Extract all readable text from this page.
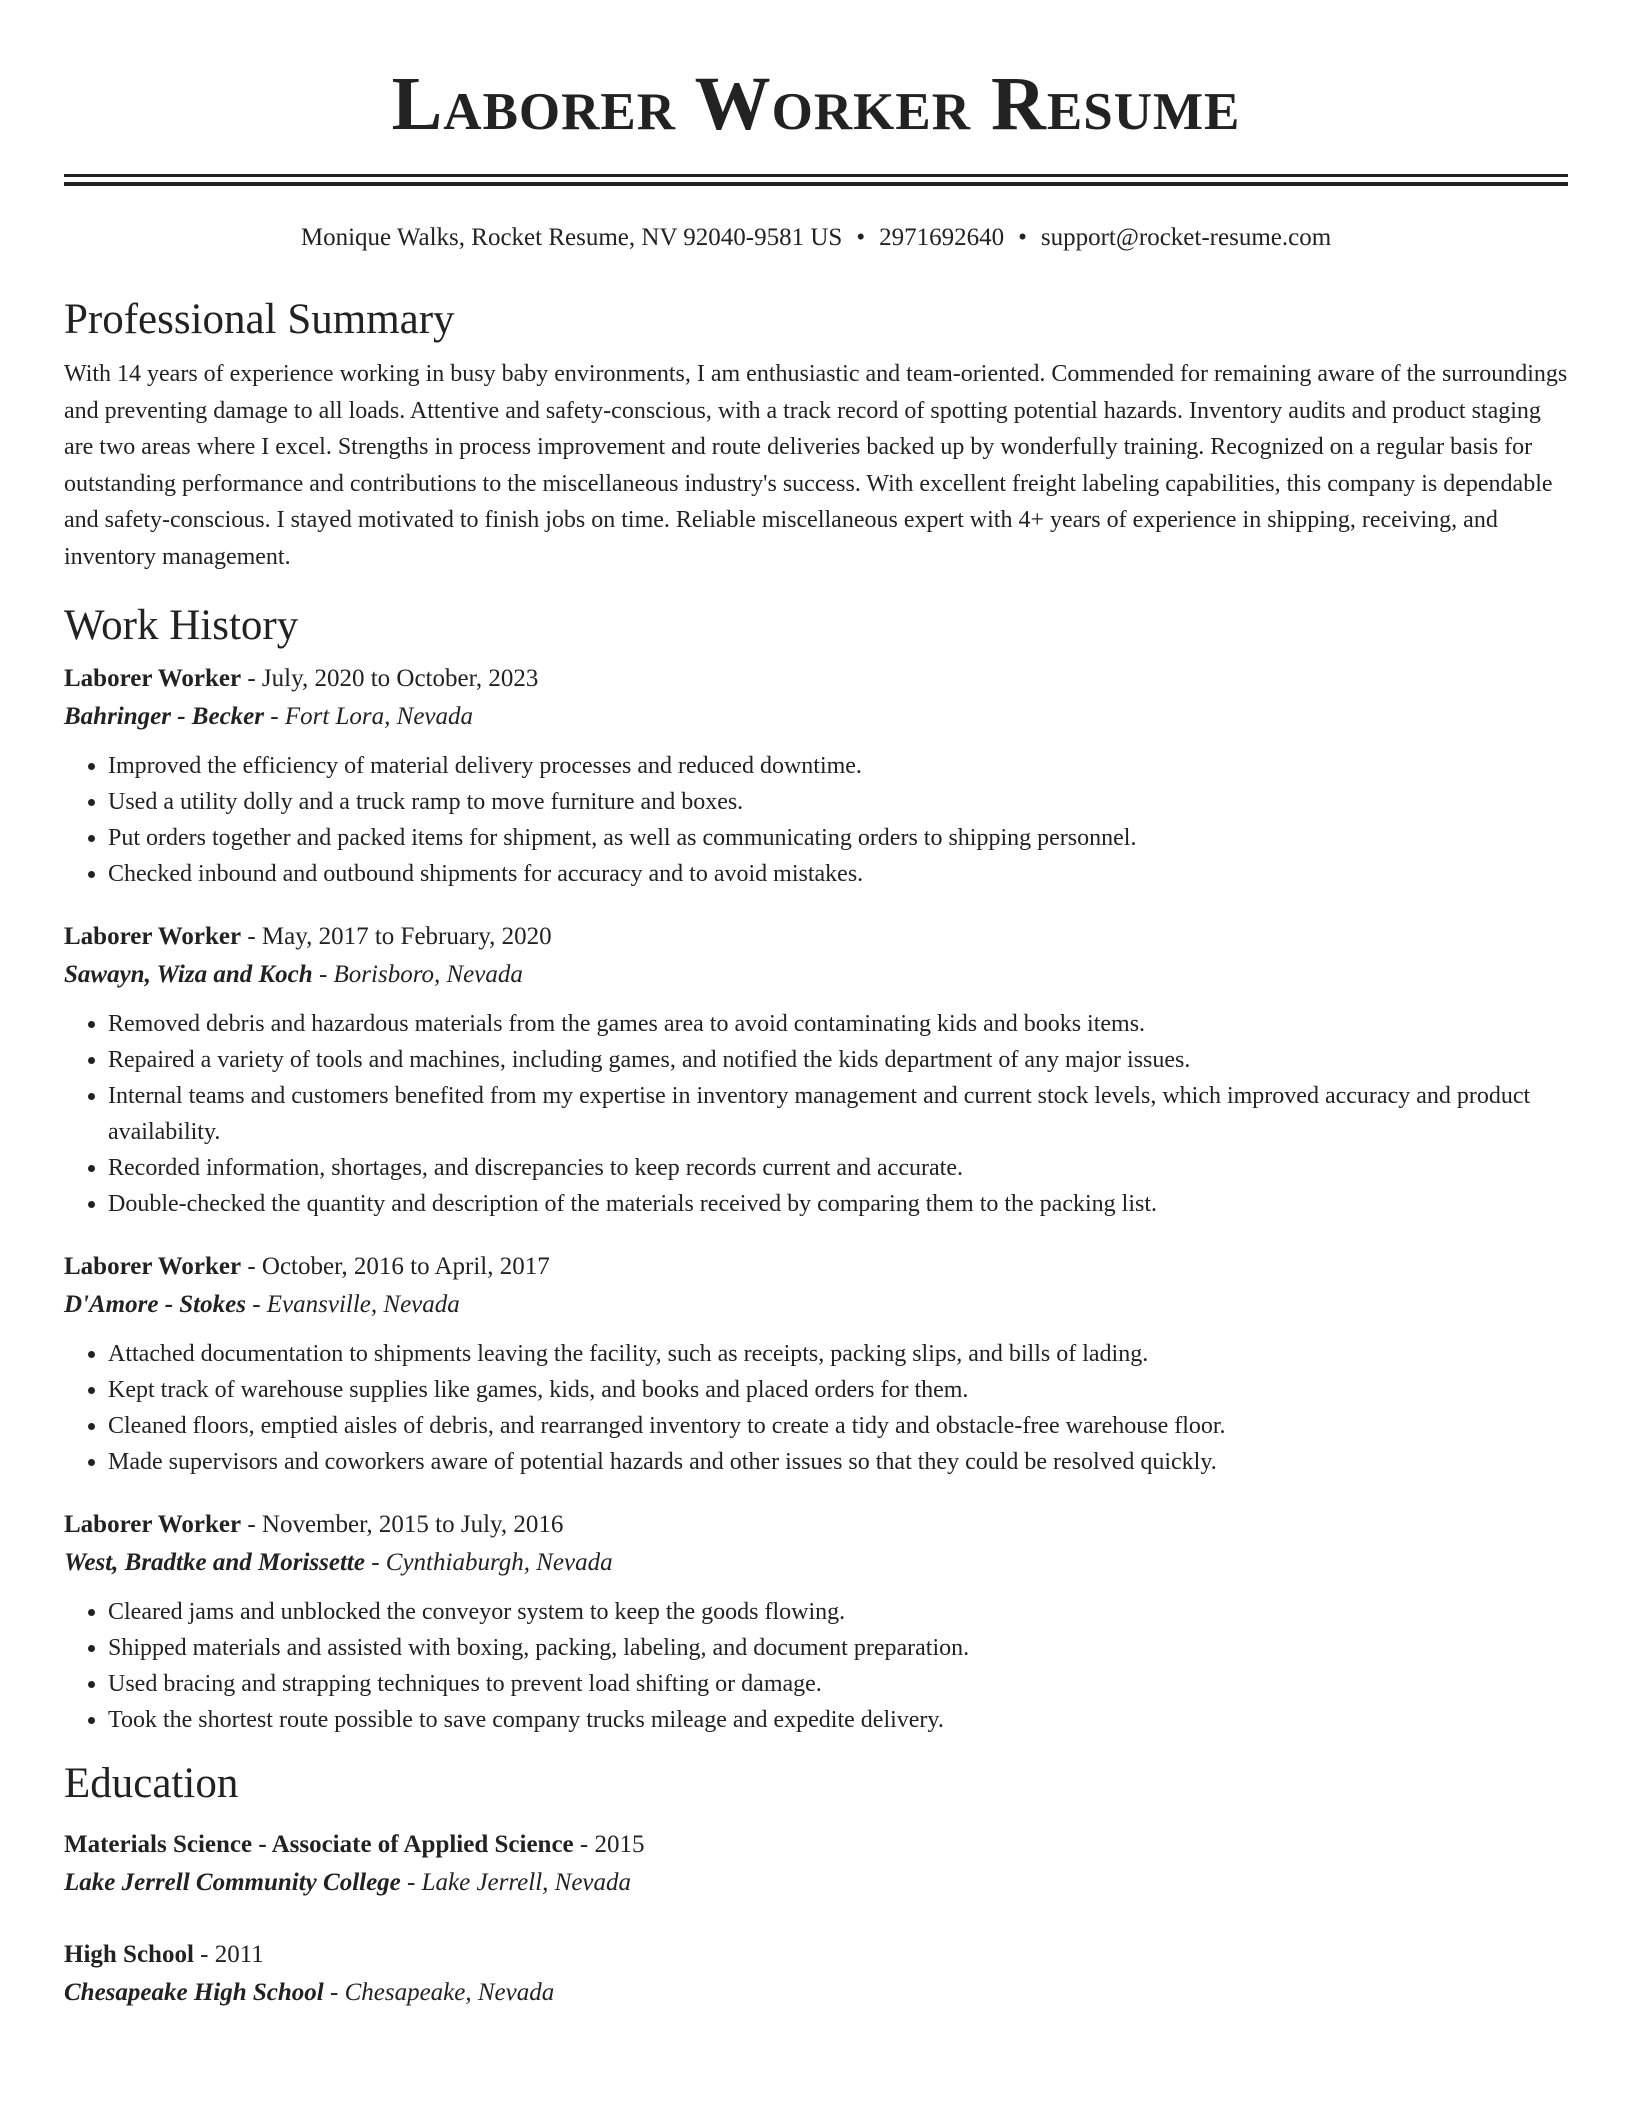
Laborer Worker Resume
Monique Walks, Rocket Resume, NV 92040-9581 US • 2971692640 • support@rocket-resume.com
Professional Summary

With 14 years of experience working in busy baby environments, I am enthusiastic and team-oriented. Commended for remaining aware of the surroundings and preventing damage to all loads. Attentive and safety-conscious, with a track record of spotting potential hazards. Inventory audits and product staging are two areas where I excel. Strengths in process improvement and route deliveries backed up by wonderfully training. Recognized on a regular basis for outstanding performance and contributions to the miscellaneous industry's success. With excellent freight labeling capabilities, this company is dependable and safety-conscious. I stayed motivated to finish jobs on time. Reliable miscellaneous expert with 4+ years of experience in shipping, receiving, and inventory management.

Work History
Laborer Worker - July, 2020 to October, 2023
Bahringer - Becker - Fort Lora, Nevada
• Improved the efficiency of material delivery processes and reduced downtime.
• Used a utility dolly and a truck ramp to move furniture and boxes.
• Put orders together and packed items for shipment, as well as communicating orders to shipping personnel.
• Checked inbound and outbound shipments for accuracy and to avoid mistakes.
Laborer Worker - May, 2017 to February, 2020
Sawayn, Wiza and Koch - Borisboro, Nevada
• Removed debris and hazardous materials from the games area to avoid contaminating kids and books items.
• Repaired a variety of tools and machines, including games, and notified the kids department of any major issues.
• Internal teams and customers benefited from my expertise in inventory management and current stock levels, which improved accuracy and product availability.
• Recorded information, shortages, and discrepancies to keep records current and accurate.
• Double-checked the quantity and description of the materials received by comparing them to the packing list.
Laborer Worker - October, 2016 to April, 2017
D'Amore - Stokes - Evansville, Nevada
• Attached documentation to shipments leaving the facility, such as receipts, packing slips, and bills of lading.
• Kept track of warehouse supplies like games, kids, and books and placed orders for them.
• Cleaned floors, emptied aisles of debris, and rearranged inventory to create a tidy and obstacle-free warehouse floor.
• Made supervisors and coworkers aware of potential hazards and other issues so that they could be resolved quickly.
Laborer Worker - November, 2015 to July, 2016
West, Bradtke and Morissette - Cynthiaburgh, Nevada
• Cleared jams and unblocked the conveyor system to keep the goods flowing.
• Shipped materials and assisted with boxing, packing, labeling, and document preparation.
• Used bracing and strapping techniques to prevent load shifting or damage.
• Took the shortest route possible to save company trucks mileage and expedite delivery.
Education
Materials Science - Associate of Applied Science - 2015
Lake Jerrell Community College - Lake Jerrell, Nevada
High School - 2011
Chesapeake High School - Chesapeake, Nevada
